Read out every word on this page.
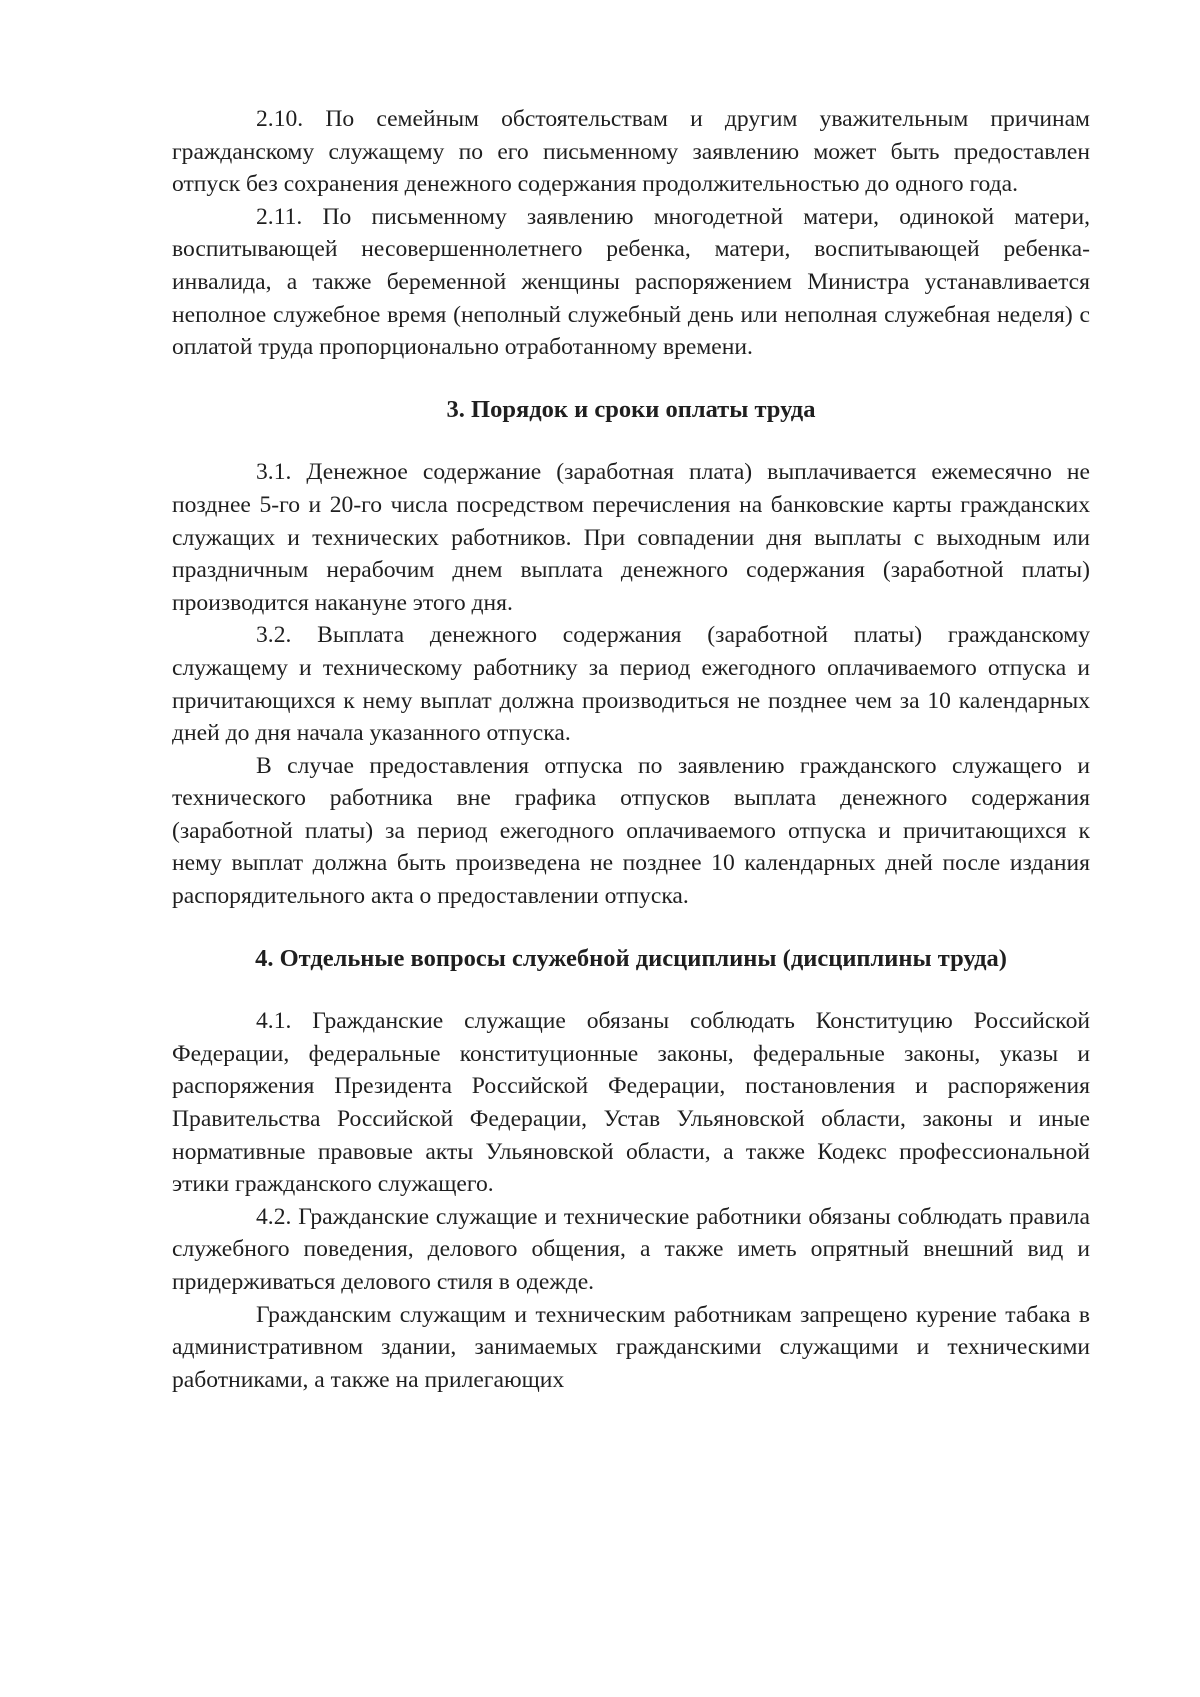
2.10. По семейным обстоятельствам и другим уважительным причинам гражданскому служащему по его письменному заявлению может быть предоставлен отпуск без сохранения денежного содержания продолжительностью до одного года.

2.11. По письменному заявлению многодетной матери, одинокой матери, воспитывающей несовершеннолетнего ребенка, матери, воспитывающей ребенка-инвалида, а также беременной женщины распоряжением Министра устанавливается неполное служебное время (неполный служебный день или неполная служебная неделя) с оплатой труда пропорционально отработанному времени.

3. Порядок и сроки оплаты труда

3.1. Денежное содержание (заработная плата) выплачивается ежемесячно не позднее 5-го и 20-го числа посредством перечисления на банковские карты гражданских служащих и технических работников. При совпадении дня выплаты с выходным или праздничным нерабочим днем выплата денежного содержания (заработной платы) производится накануне этого дня.

3.2. Выплата денежного содержания (заработной платы) гражданскому служащему и техническому работнику за период ежегодного оплачиваемого отпуска и причитающихся к нему выплат должна производиться не позднее чем за 10 календарных дней до дня начала указанного отпуска.

В случае предоставления отпуска по заявлению гражданского служащего и технического работника вне графика отпусков выплата денежного содержания (заработной платы) за период ежегодного оплачиваемого отпуска и причитающихся к нему выплат должна быть произведена не позднее 10 календарных дней после издания распорядительного акта о предоставлении отпуска.

4. Отдельные вопросы служебной дисциплины (дисциплины труда)

4.1. Гражданские служащие обязаны соблюдать Конституцию Российской Федерации, федеральные конституционные законы, федеральные законы, указы и распоряжения Президента Российской Федерации, постановления и распоряжения Правительства Российской Федерации, Устав Ульяновской области, законы и иные нормативные правовые акты Ульяновской области, а также Кодекс профессиональной этики гражданского служащего.

4.2. Гражданские служащие и технические работники обязаны соблюдать правила служебного поведения, делового общения, а также иметь опрятный внешний вид и придерживаться делового стиля в одежде.

Гражданским служащим и техническим работникам запрещено курение табака в административном здании, занимаемых гражданскими служащими и техническими работниками, а также на прилегающих
